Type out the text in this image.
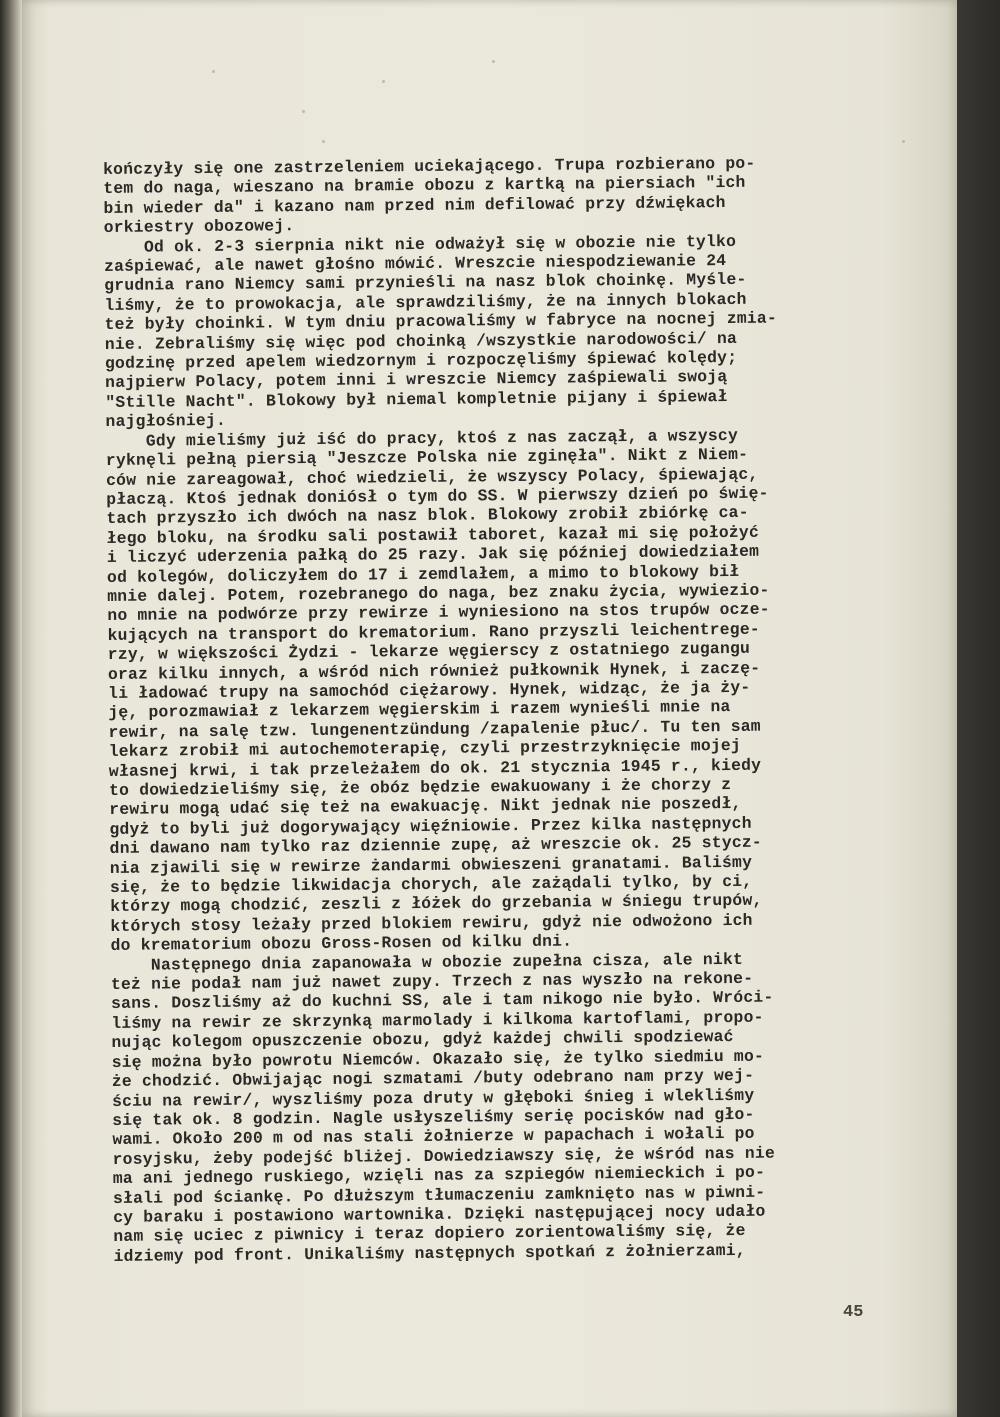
kończyły się one zastrzeleniem uciekającego. Trupa rozbierano po-
tem do naga, wieszano na bramie obozu z kartką na piersiach "ich
bin wieder da" i kazano nam przed nim defilować przy dźwiękach
orkiestry obozowej.
Od ok. 2-3 sierpnia nikt nie odważył się w obozie nie tylko
zaśpiewać, ale nawet głośno mówić. Wreszcie niespodziewanie 24
grudnia rano Niemcy sami przynieśli na nasz blok choinkę. Myśle-
liśmy, że to prowokacja, ale sprawdziliśmy, że na innych blokach
też były choinki. W tym dniu pracowaliśmy w fabryce na nocnej zmia-
nie. Zebraliśmy się więc pod choinką /wszystkie narodowości/ na
godzinę przed apelem wiedzornym i rozpoczęliśmy śpiewać kolędy;
najpierw Polacy, potem inni i wreszcie Niemcy zaśpiewali swoją
"Stille Nacht". Blokowy był niemal kompletnie pijany i śpiewał
najgłośniej.
Gdy mieliśmy już iść do pracy, ktoś z nas zaczął, a wszyscy
ryknęli pełną piersią "Jeszcze Polska nie zginęła". Nikt z Niem-
ców nie zareagował, choć wiedzieli, że wszyscy Polacy, śpiewając,
płaczą. Ktoś jednak doniósł o tym do SS. W pierwszy dzień po świę-
tach przyszło ich dwóch na nasz blok. Blokowy zrobił zbiórkę ca-
łego bloku, na środku sali postawił taboret, kazał mi się położyć
i liczyć uderzenia pałką do 25 razy. Jak się później dowiedziałem
od kolegów, doliczyłem do 17 i zemdlałem, a mimo to blokowy bił
mnie dalej. Potem, rozebranego do naga, bez znaku życia, wywiezio-
no mnie na podwórze przy rewirze i wyniesiono na stos trupów ocze-
kujących na transport do krematorium. Rano przyszli leichentrege-
rzy, w większości Żydzi - lekarze węgierscy z ostatniego zugangu
oraz kilku innych, a wśród nich również pułkownik Hynek, i zaczę-
li ładować trupy na samochód ciężarowy. Hynek, widząc, że ja ży-
ję, porozmawiał z lekarzem węgierskim i razem wynieśli mnie na
rewir, na salę tzw. lungenentzündung /zapalenie płuc/. Tu ten sam
lekarz zrobił mi autochemoterapię, czyli przestrzyknięcie mojej
własnej krwi, i tak przeleżałem do ok. 21 stycznia 1945 r., kiedy
to dowiedzieliśmy się, że obóz będzie ewakuowany i że chorzy z
rewiru mogą udać się też na ewakuację. Nikt jednak nie poszedł,
gdyż to byli już dogorywający więźniowie. Przez kilka następnych
dni dawano nam tylko raz dziennie zupę, aż wreszcie ok. 25 stycz-
nia zjawili się w rewirze żandarmi obwieszeni granatami. Baliśmy
się, że to będzie likwidacja chorych, ale zażądali tylko, by ci,
którzy mogą chodzić, zeszli z łóżek do grzebania w śniegu trupów,
których stosy leżały przed blokiem rewiru, gdyż nie odwożono ich
do krematorium obozu Gross-Rosen od kilku dni.
Następnego dnia zapanowała w obozie zupełna cisza, ale nikt
też nie podał nam już nawet zupy. Trzech z nas wyszło na rekone-
sans. Doszliśmy aż do kuchni SS, ale i tam nikogo nie było. Wróci-
liśmy na rewir ze skrzynką marmolady i kilkoma kartoflami, propo-
nując kolegom opuszczenie obozu, gdyż każdej chwili spodziewać
się można było powrotu Niemców. Okazało się, że tylko siedmiu mo-
że chodzić. Obwijając nogi szmatami /buty odebrano nam przy wej-
ściu na rewir/, wyszliśmy poza druty w głęboki śnieg i wlekliśmy
się tak ok. 8 godzin. Nagle usłyszeliśmy serię pocisków nad gło-
wami. Około 200 m od nas stali żołnierze w papachach i wołali po
rosyjsku, żeby podejść bliżej. Dowiedziawszy się, że wśród nas nie
ma ani jednego ruskiego, wzięli nas za szpiegów niemieckich i po-
słali pod ściankę. Po dłuższym tłumaczeniu zamknięto nas w piwni-
cy baraku i postawiono wartownika. Dzięki następującej nocy udało
nam się uciec z piwnicy i teraz dopiero zorientowaliśmy się, że
idziemy pod front. Unikaliśmy następnych spotkań z żołnierzami,
45
